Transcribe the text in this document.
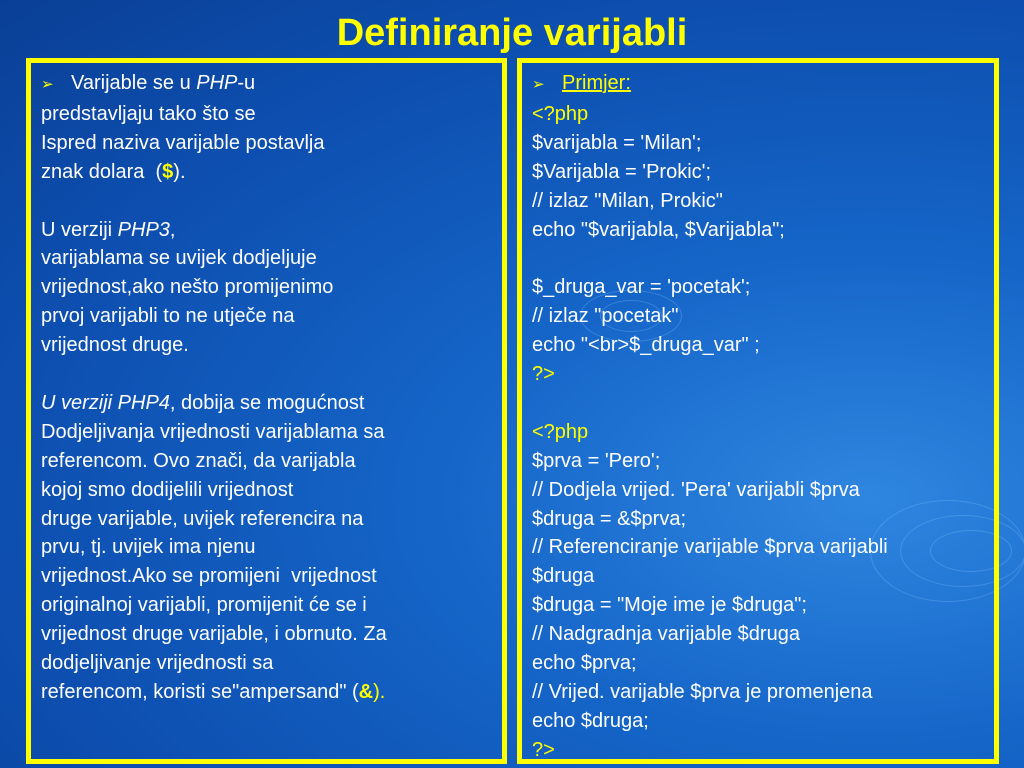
Definiranje varijabli
➢ Varijable se u PHP-u
predstavljaju tako što se
Ispred naziva varijable postavlja
znak dolara  ($).
U verziji PHP3,
varijablama se uvijek dodjeljuje
vrijednost,ako nešto promijenimo
prvoj varijabli to ne utječe na
vrijednost druge.
U verziji PHP4, dobija se mogućnost
Dodjeljivanja vrijednosti varijablama sa
referencom. Ovo znači, da varijabla
kojoj smo dodijelili vrijednost
druge varijable, uvijek referencira na
prvu, tj. uvijek ima njenu
vrijednost.Ako se promijeni  vrijednost
originalnoj varijabli, promijenit će se i
vrijednost druge varijable, i obrnuto. Za
dodjeljivanje vrijednosti sa
referencom, koristi se"ampersand" (&).
➢ Primjer:
<?php
$varijabla = 'Milan';
$Varijabla = 'Prokic';
// izlaz "Milan, Prokic"
echo "$varijabla, $Varijabla";
$_druga_var = 'pocetak';
// izlaz "pocetak"
echo "<br>$_druga_var" ;
?>
<?php
$prva = 'Pero';
// Dodjela vrijed. 'Pera' varijabli $prva
$druga = &$prva;
// Referenciranje varijable $prva varijabli
$druga
$druga = "Moje ime je $druga";
// Nadgradnja varijable $druga
echo $prva;
// Vrijed. varijable $prva je promenjena
echo $druga;
?>
